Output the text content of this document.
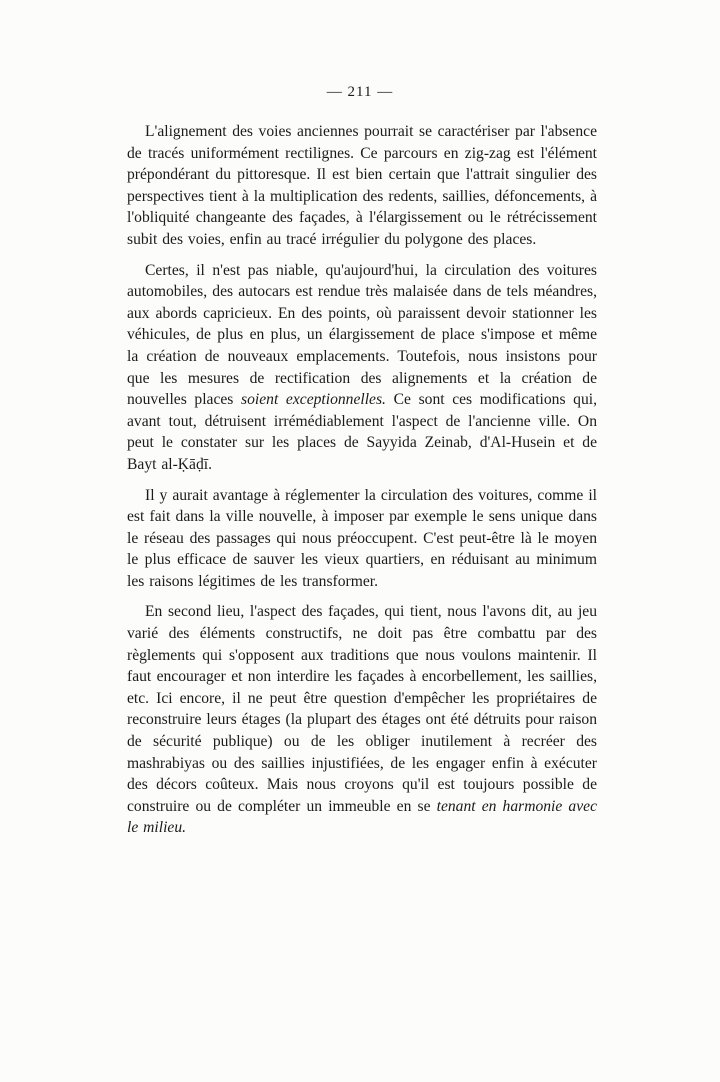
— 211 —

L'alignement des voies anciennes pourrait se caractériser par l'absence de tracés uniformément rectilignes. Ce parcours en zig-zag est l'élément prépondérant du pittoresque. Il est bien certain que l'attrait singulier des perspectives tient à la multiplication des redents, saillies, défoncements, à l'obliquité changeante des façades, à l'élargissement ou le rétrécissement subit des voies, enfin au tracé irrégulier du polygone des places.

Certes, il n'est pas niable, qu'aujourd'hui, la circulation des voitures automobiles, des autocars est rendue très malaisée dans de tels méandres, aux abords capricieux. En des points, où paraissent devoir stationner les véhicules, de plus en plus, un élargissement de place s'impose et même la création de nouveaux emplacements. Toutefois, nous insistons pour que les mesures de rectification des alignements et la création de nouvelles places soient exceptionnelles. Ce sont ces modifications qui, avant tout, détruisent irrémédiablement l'aspect de l'ancienne ville. On peut le constater sur les places de Sayyida Zeinab, d'Al-Husein et de Bayt al-Ḳāḍī.

Il y aurait avantage à réglementer la circulation des voitures, comme il est fait dans la ville nouvelle, à imposer par exemple le sens unique dans le réseau des passages qui nous préoccupent. C'est peut-être là le moyen le plus efficace de sauver les vieux quartiers, en réduisant au minimum les raisons légitimes de les transformer.

En second lieu, l'aspect des façades, qui tient, nous l'avons dit, au jeu varié des éléments constructifs, ne doit pas être combattu par des règlements qui s'opposent aux traditions que nous voulons maintenir. Il faut encourager et non interdire les façades à encorbellement, les saillies, etc. Ici encore, il ne peut être question d'empêcher les propriétaires de reconstruire leurs étages (la plupart des étages ont été détruits pour raison de sécurité publique) ou de les obliger inutilement à recréer des mashrabiyas ou des saillies injustifiées, de les engager enfin à exécuter des décors coûteux. Mais nous croyons qu'il est toujours possible de construire ou de compléter un immeuble en se tenant en harmonie avec le milieu.
